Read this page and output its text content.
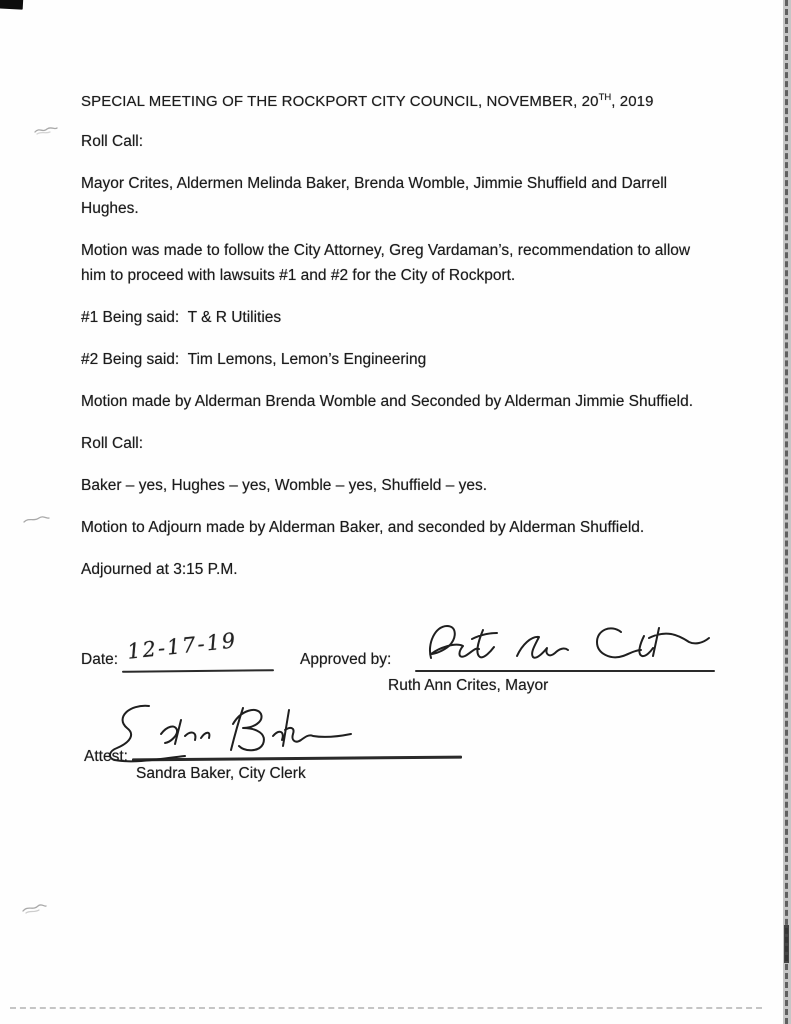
SPECIAL MEETING OF THE ROCKPORT CITY COUNCIL, NOVEMBER, 20TH, 2019

Roll Call:

Mayor Crites, Aldermen Melinda Baker, Brenda Womble, Jimmie Shuffield and Darrell Hughes.

Motion was made to follow the City Attorney, Greg Vardaman’s, recommendation to allow him to proceed with lawsuits #1 and #2 for the City of Rockport.

#1 Being said:  T & R Utilities

#2 Being said:  Tim Lemons, Lemon’s Engineering

Motion made by Alderman Brenda Womble and Seconded by Alderman Jimmie Shuffield.

Roll Call:

Baker – yes, Hughes – yes, Womble – yes, Shuffield – yes.

Motion to Adjourn made by Alderman Baker, and seconded by Alderman Shuffield.

Adjourned at 3:15 P.M.

Date: 12-17-19	Approved by:
Ruth Ann Crites, Mayor
Attest:
Sandra Baker, City Clerk
